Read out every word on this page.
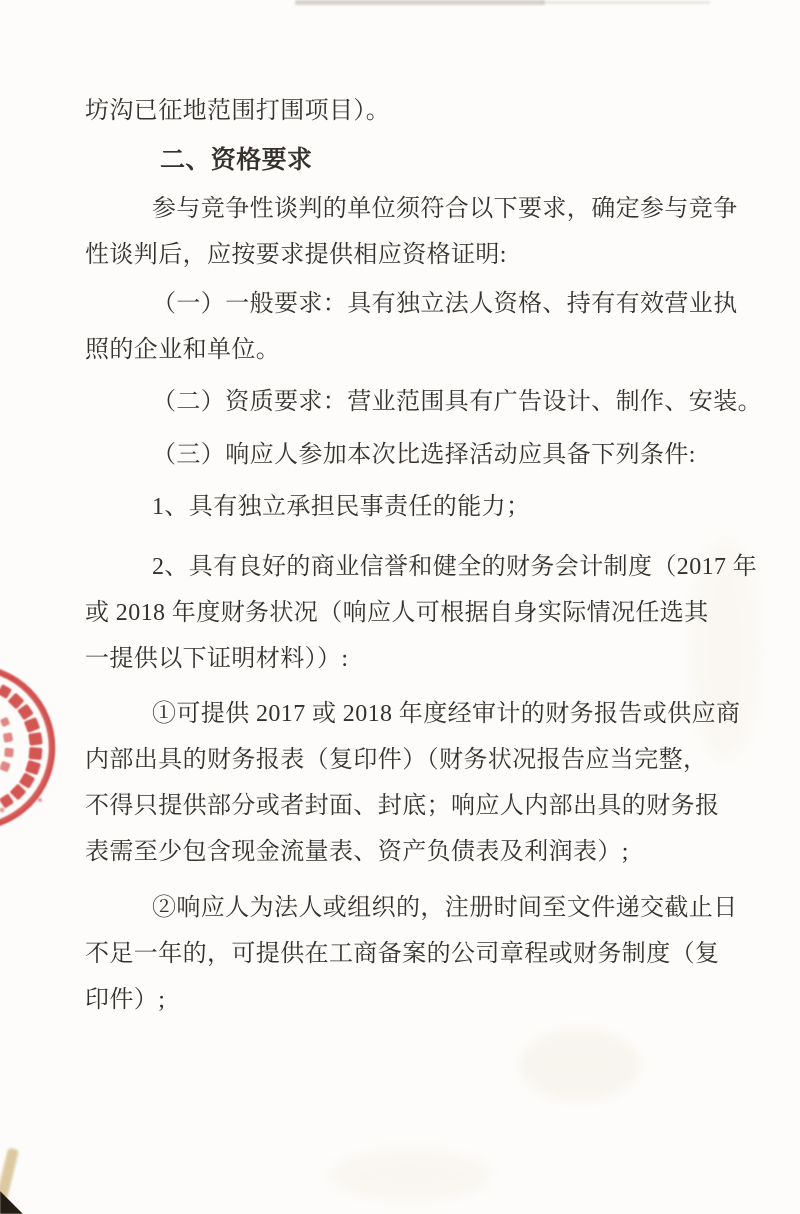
坊沟已征地范围打围项目）。

二、资格要求

参与竞争性谈判的单位须符合以下要求，确定参与竞争
性谈判后，应按要求提供相应资格证明:

（一）一般要求：具有独立法人资格、持有有效营业执
照的企业和单位。

（二）资质要求：营业范围具有广告设计、制作、安装。

（三）响应人参加本次比选择活动应具备下列条件:

1、具有独立承担民事责任的能力；

2、具有良好的商业信誉和健全的财务会计制度（2017 年
或 2018 年度财务状况（响应人可根据自身实际情况任选其
一提供以下证明材料））:

①可提供 2017 或 2018 年度经审计的财务报告或供应商
内部出具的财务报表（复印件）（财务状况报告应当完整，
不得只提供部分或者封面、封底；响应人内部出具的财务报
表需至少包含现金流量表、资产负债表及利润表）;

②响应人为法人或组织的，注册时间至文件递交截止日
不足一年的，可提供在工商备案的公司章程或财务制度（复
印件）;
